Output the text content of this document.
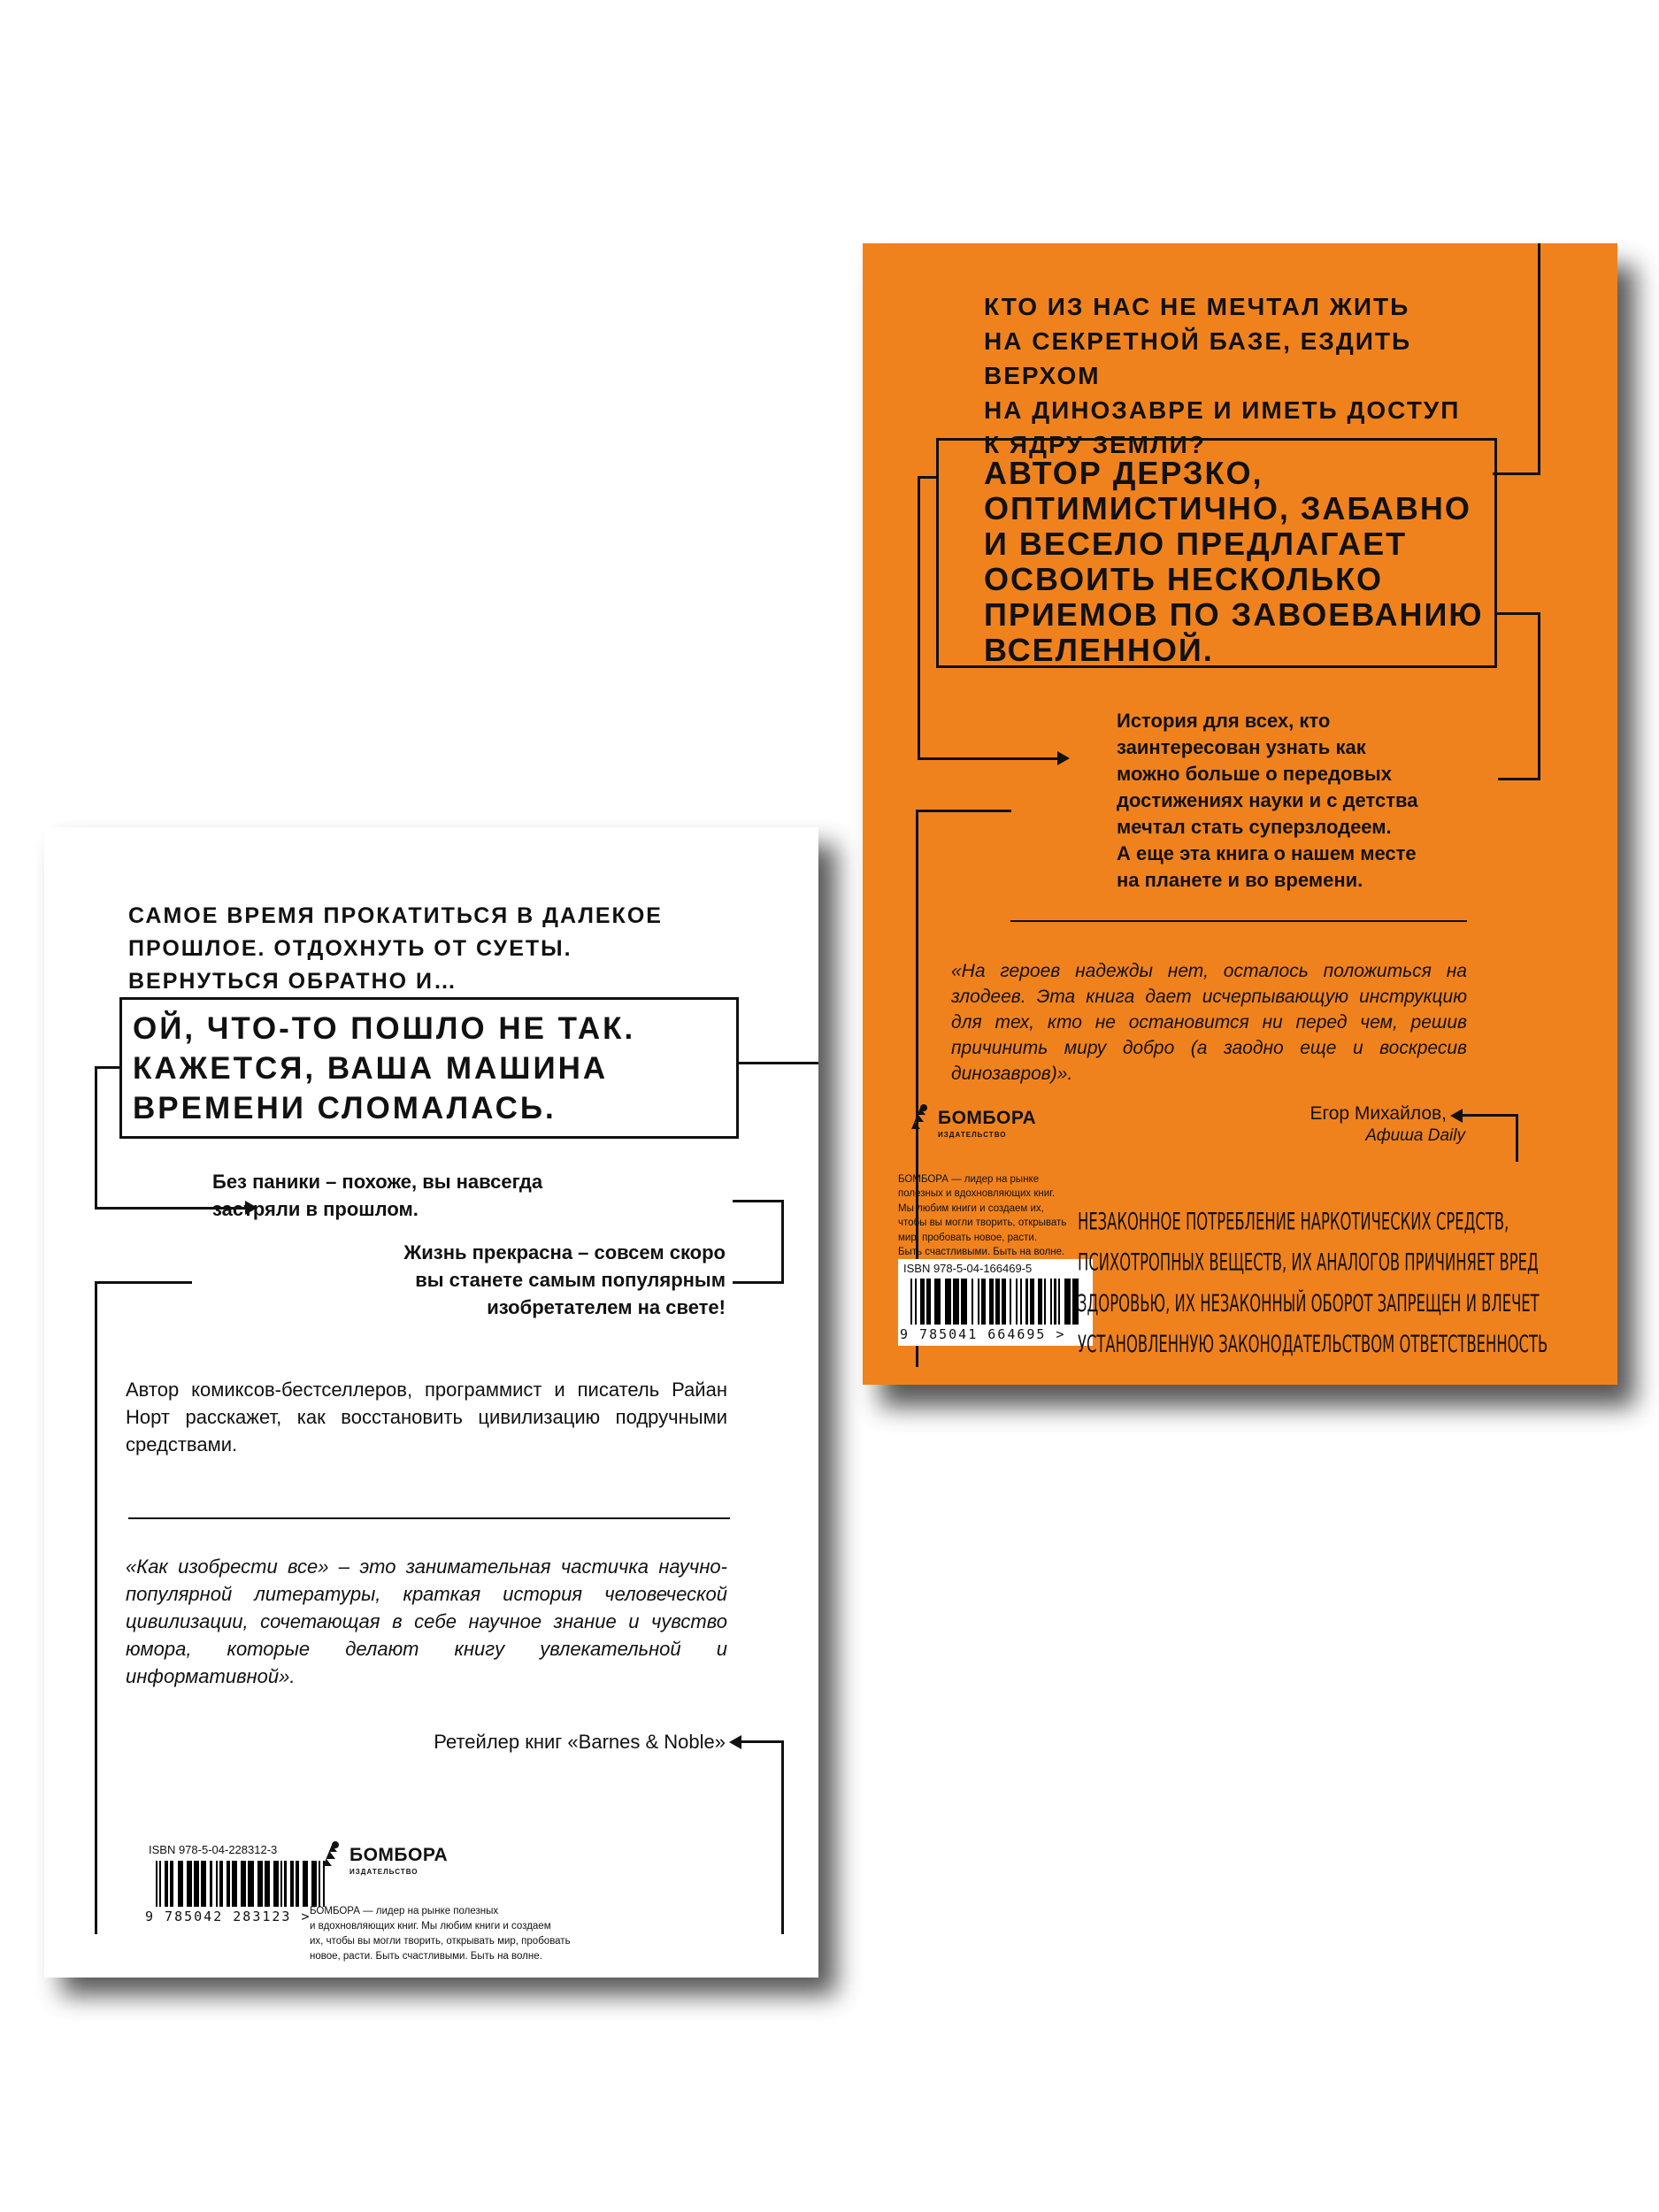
КТО ИЗ НАС НЕ МЕЧТАЛ ЖИТЬ
НА СЕКРЕТНОЙ БАЗЕ, ЕЗДИТЬ ВЕРХОМ
НА ДИНОЗАВРЕ И ИМЕТЬ ДОСТУП
К ЯДРУ ЗЕМЛИ?

АВТОР ДЕРЗКО,
ОПТИМИСТИЧНО, ЗАБАВНО
И ВЕСЕЛО ПРЕДЛАГАЕТ
ОСВОИТЬ НЕСКОЛЬКО
ПРИЕМОВ ПО ЗАВОЕВАНИЮ
ВСЕЛЕННОЙ.

История для всех, кто
заинтересован узнать как
можно больше о передовых
достижениях науки и с детства
мечтал стать суперзлодеем.
А еще эта книга о нашем месте
на планете и во времени.

«На героев надежды нет, осталось положиться на злодеев. Эта книга дает исчерпывающую инструкцию для тех, кто не остановится ни перед чем, решив причинить миру добро (а заодно еще и воскресив динозавров)».

Егор Михайлов,

Афиша Daily

БОМБОРА
ИЗДАТЕЛЬСТВО

БОМБОРА — лидер на рынке
полезных и вдохновляющих книг.
Мы любим книги и создаем их,
чтобы вы могли творить, открывать
мир, пробовать новое, расти.
Быть счастливыми. Быть на волне.

ISBN 978-5-04-166469-5
9 785041 664695 >

НЕЗАКОННОЕ ПОТРЕБЛЕНИЕ НАРКОТИЧЕСКИХ СРЕДСТВ,
ПСИХОТРОПНЫХ ВЕЩЕСТВ, ИХ АНАЛОГОВ ПРИЧИНЯЕТ ВРЕД
ЗДОРОВЬЮ, ИХ НЕЗАКОННЫЙ ОБОРОТ ЗАПРЕЩЕН И ВЛЕЧЕТ
УСТАНОВЛЕННУЮ ЗАКОНОДАТЕЛЬСТВОМ ОТВЕТСТВЕННОСТЬ

САМОЕ ВРЕМЯ ПРОКАТИТЬСЯ В ДАЛЕКОЕ
ПРОШЛОЕ. ОТДОХНУТЬ ОТ СУЕТЫ.
ВЕРНУТЬСЯ ОБРАТНО И…

ОЙ, ЧТО-ТО ПОШЛО НЕ ТАК.
КАЖЕТСЯ, ВАША МАШИНА
ВРЕМЕНИ СЛОМАЛАСЬ.

Без паники – похоже, вы навсегда
застряли в прошлом.

Жизнь прекрасна – совсем скоро
вы станете самым популярным
изобретателем на свете!

Автор комиксов-бестселлеров, программист и писатель Райан Норт расскажет, как восстановить цивилизацию подручными средствами.

«Как изобрести все» – это занимательная частичка научно-популярной литературы, краткая история человеческой цивилизации, сочетающая в себе научное знание и чувство юмора, которые делают книгу увлекательной и информативной».

Ретейлер книг «Barnes & Noble»

ISBN 978-5-04-228312-3
9 785042 283123 >
БОМБОРА
ИЗДАТЕЛЬСТВО

БОМБОРА — лидер на рынке полезных
и вдохновляющих книг. Мы любим книги и создаем
их, чтобы вы могли творить, открывать мир, пробовать
новое, расти. Быть счастливыми. Быть на волне.
